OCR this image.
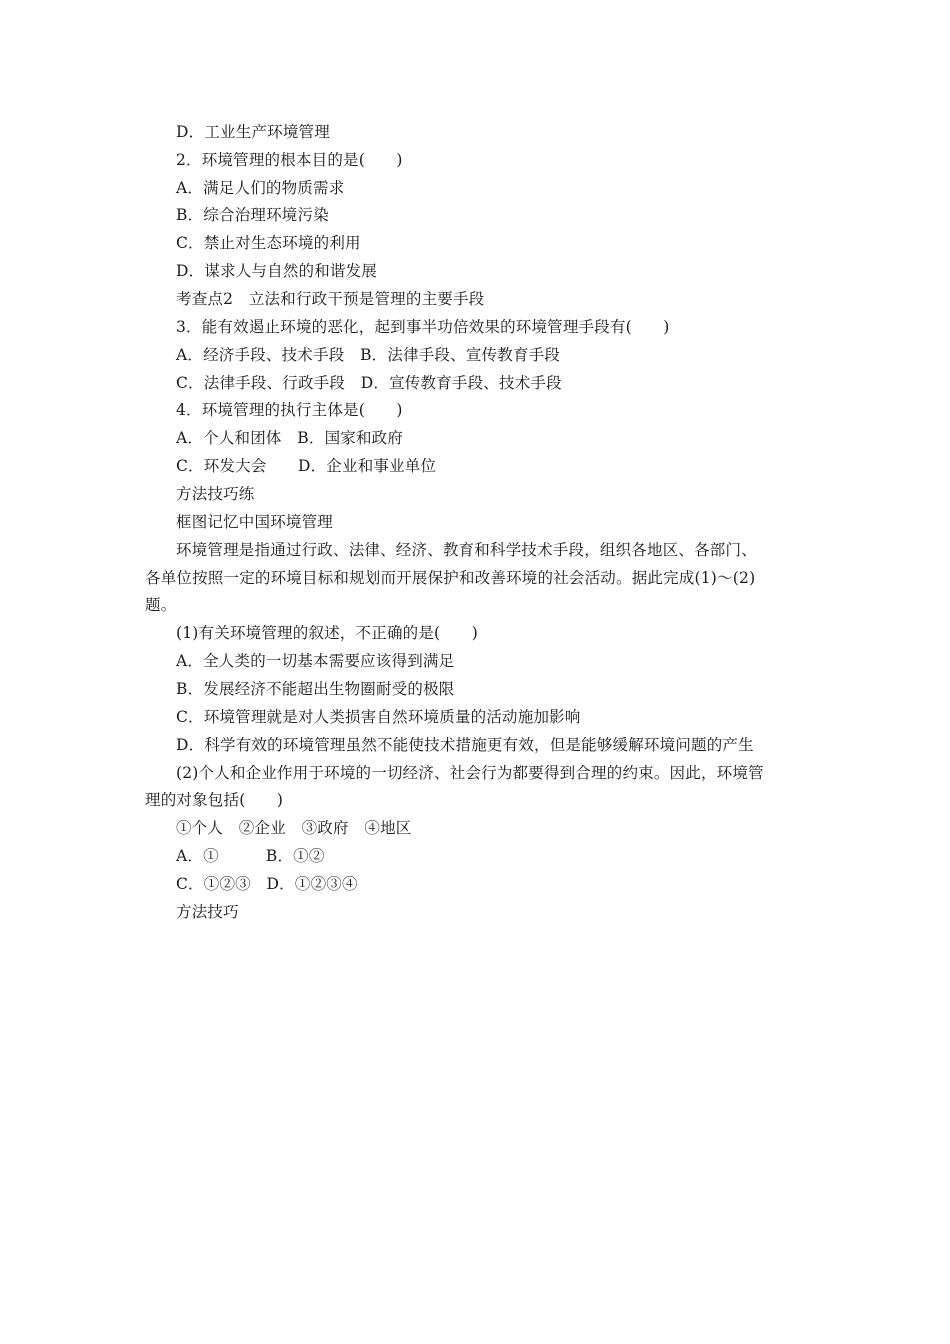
D．工业生产环境管理
2．环境管理的根本目的是(　　)
A．满足人们的物质需求
B．综合治理环境污染
C．禁止对生态环境的利用
D．谋求人与自然的和谐发展
考查点2　立法和行政干预是管理的主要手段
3．能有效遏止环境的恶化，起到事半功倍效果的环境管理手段有(　　)
A．经济手段、技术手段　B．法律手段、宣传教育手段
C．法律手段、行政手段　D．宣传教育手段、技术手段
4．环境管理的执行主体是(　　)
A．个人和团体　B．国家和政府
C．环发大会　　D．企业和事业单位
方法技巧练
框图记忆中国环境管理
环境管理是指通过行政、法律、经济、教育和科学技术手段，组织各地区、各部门、
各单位按照一定的环境目标和规划而开展保护和改善环境的社会活动。据此完成(1)～(2)
题。
(1)有关环境管理的叙述，不正确的是(　　)
A．全人类的一切基本需要应该得到满足
B．发展经济不能超出生物圈耐受的极限
C．环境管理就是对人类损害自然环境质量的活动施加影响
D．科学有效的环境管理虽然不能使技术措施更有效，但是能够缓解环境问题的产生
(2)个人和企业作用于环境的一切经济、社会行为都要得到合理的约束。因此，环境管
理的对象包括(　　)
①个人　②企业　③政府　④地区
A．①　　　B．①②
C．①②③　D．①②③④
方法技巧
